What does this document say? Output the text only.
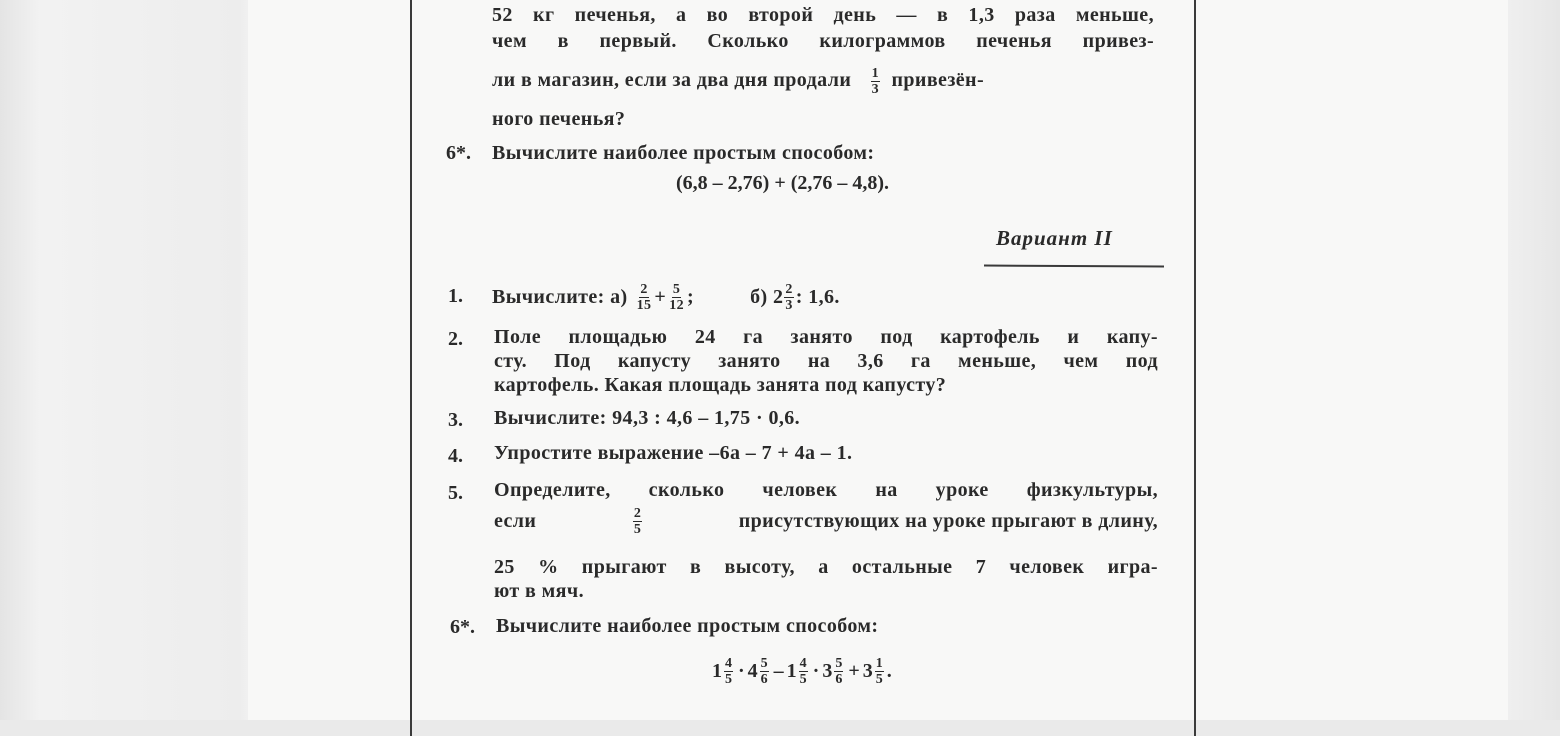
52 кг печенья, а во второй день — в 1,3 раза меньше,
чем в первый. Сколько килограммов печенья привез-
ли в магазин, если за два дня продали $\frac{1}{3}$ привезён-
ного печенья?
6*. Вычислите наиболее простым способом:
(6,8 – 2,76) + (2,76 – 4,8).
Вариант II
1. Вычислите: $а) \frac{2}{15} + \frac{5}{12}$ ;	б) $2 \frac{2}{3}$ : 1,6.
2. Поле площадью 24 га занято под картофель и капу-
сту. Под капусту занято на 3,6 га меньше, чем под
картофель. Какая площадь занята под капусту?
3. Вычислите: 94,3 : 4,6 – 1,75 · 0,6.
4. Упростите выражение –6a – 7 + 4a – 1.
5. Определите, сколько человек на уроке физкультуры,
если	$\frac{2}{5}$	присутствующих на уроке прыгают в длину,
25 % прыгают в высоту, а остальные 7 человек игра-
ют в мяч.
6*. Вычислите наиболее простым способом:
$1 \frac{4}{5} \cdot 4 \frac{5}{6} - 1 \frac{4}{5} \cdot 3 \frac{5}{6} + 3 \frac{1}{5}$ .
